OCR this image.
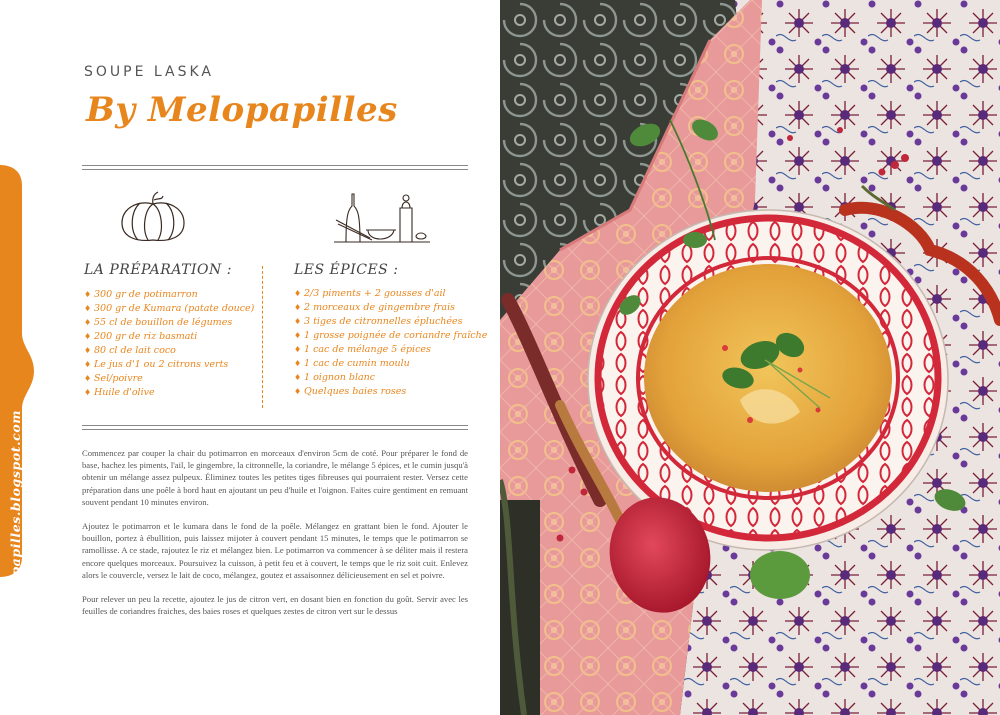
www.melopapilles.blogspot.com
SOUPE LASKA
By Melopapilles
LA PRÉPARATION :
♦ 300 gr de potimarron
♦ 300 gr de Kumara (patate douce)
♦ 55 cl de bouillon de légumes
♦ 200 gr de riz basmati
♦ 80 cl de lait coco
♦ Le jus d'1 ou 2 citrons verts
♦ Sel/poivre
♦ Huile d'olive
LES ÉPICES :
♦ 2/3 piments + 2 gousses d'ail
♦ 2 morceaux de gingembre frais
♦ 3 tiges de citronnelles épluchées
♦ 1 grosse poignée de coriandre fraîche
♦ 1 cac de mélange 5 épices
♦ 1 cac de cumin moulu
♦ 1 oignon blanc
♦ Quelques baies roses

Commencez par couper la chair du potimarron en morceaux d'environ 5cm de coté. Pour préparer le fond de base, hachez les piments, l'ail, le gingembre, la citronnelle, la coriandre, le mélange 5 épices, et le cumin jusqu'à obtenir un mélange assez pulpeux. Éliminez toutes les petites tiges fibreuses qui pourraient rester. Versez cette préparation dans une poêle à bord haut en ajoutant un peu d'huile et l'oignon. Faites cuire gentiment en remuant souvent pendant 10 minutes environ.

Ajoutez le potimarron et le kumara dans le fond de la poêle. Mélangez en grattant bien le fond. Ajouter le bouillon, portez à ébullition, puis laissez mijoter à couvert pendant 15 minutes, le temps que le potimarron se ramollisse. A ce stade, rajoutez le riz et mélangez bien. Le potimarron va commencer à se déliter mais il restera encore quelques morceaux. Poursuivez la cuisson, à petit feu et à couvert, le temps que le riz soit cuit. Enlevez alors le couvercle, versez le lait de coco, mélangez, goutez et assaisonnez délicieusement en sel et poivre.

Pour relever un peu la recette, ajoutez le jus de citron vert, en dosant bien en fonction du goût. Servir avec les feuilles de coriandres fraiches, des baies roses et quelques zestes de citron vert sur le dessus
